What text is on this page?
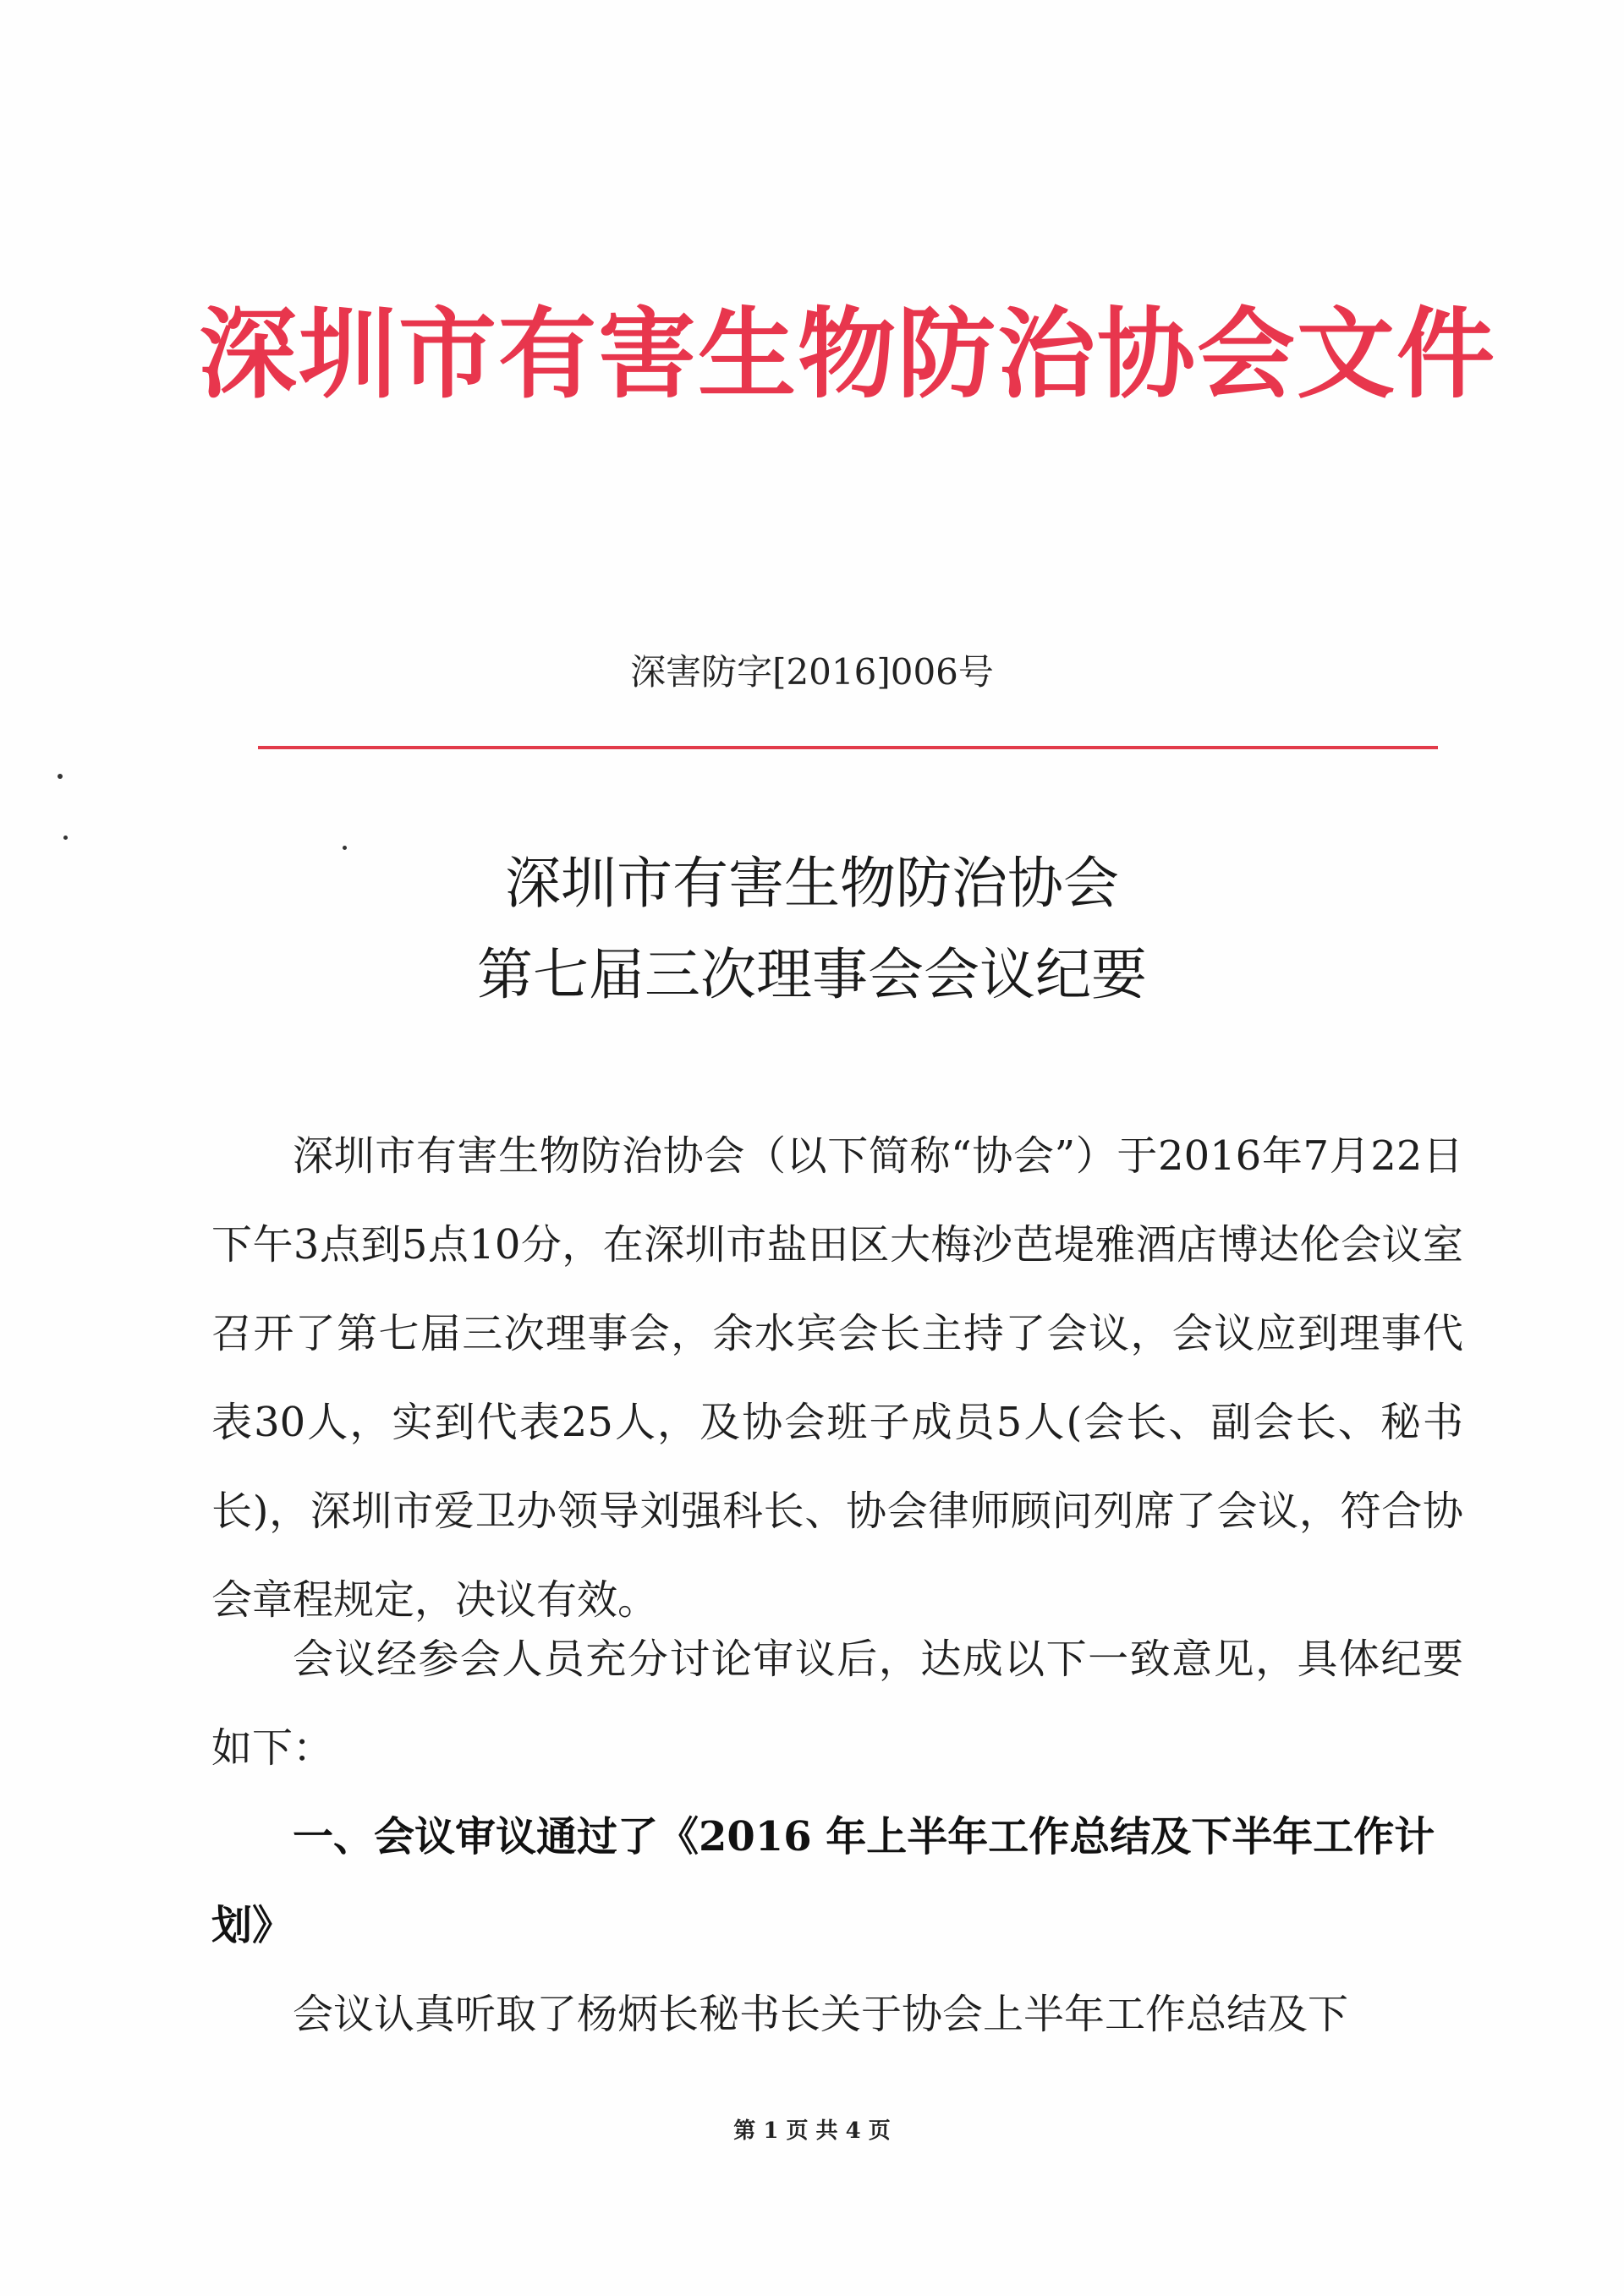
深圳市有害生物防治协会文件
深害防字[2016]006号
深圳市有害生物防治协会
第七届三次理事会会议纪要

深圳市有害生物防治协会（以下简称“协会”）于2016年7月22日下午3点到5点10分，在深圳市盐田区大梅沙芭堤雅酒店博达伦会议室召开了第七届三次理事会，余水宾会长主持了会议，会议应到理事代表30人，实到代表25人，及协会班子成员5人(会长、副会长、秘书长)，深圳市爱卫办领导刘强科长、协会律师顾问列席了会议，符合协会章程规定，决议有效。

会议经参会人员充分讨论审议后，达成以下一致意见，具体纪要如下：

一、会议审议通过了《2016 年上半年工作总结及下半年工作计划》

会议认真听取了杨炳长秘书长关于协会上半年工作总结及下

第 1 页 共 4 页
